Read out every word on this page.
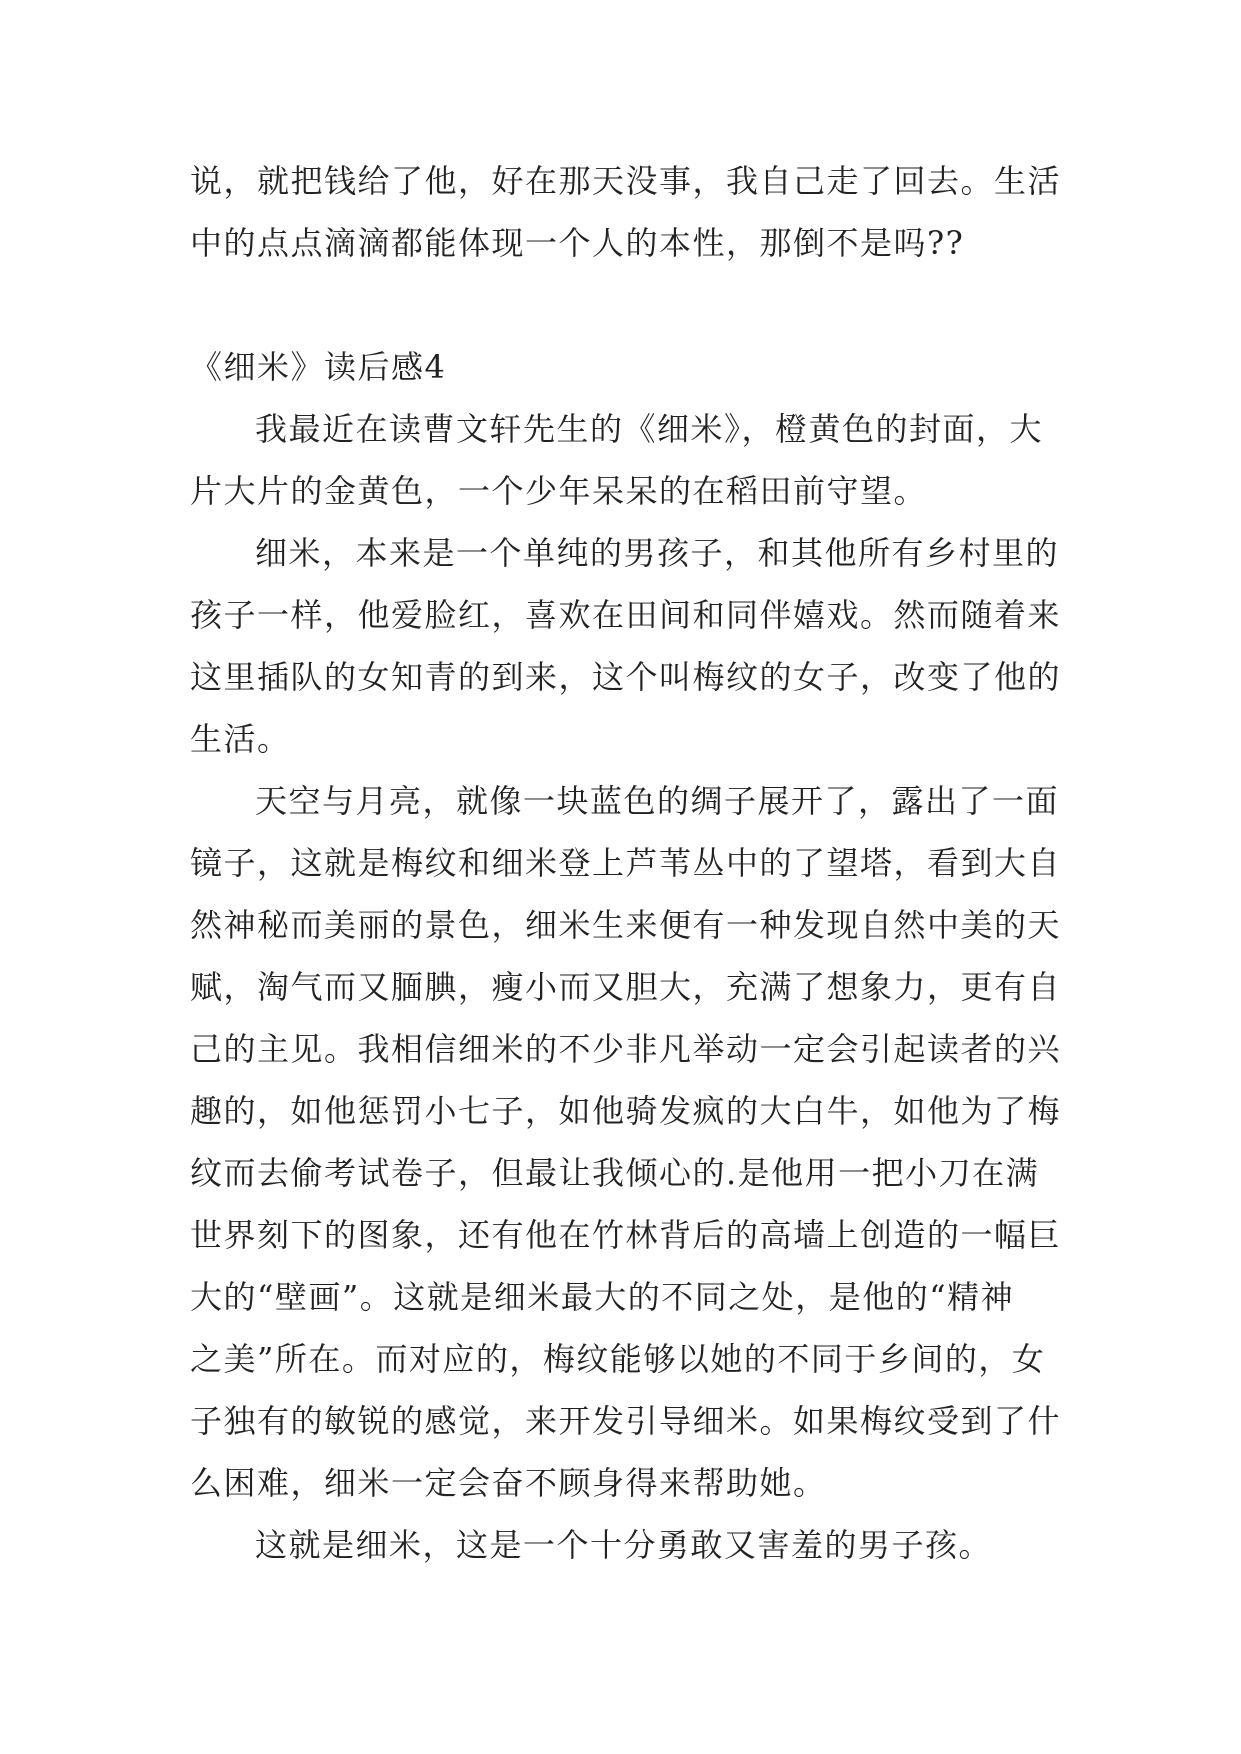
说，就把钱给了他，好在那天没事，我自己走了回去。生活
中的点点滴滴都能体现一个人的本性，那倒不是吗??
《细米》读后感4
我最近在读曹文轩先生的《细米》，橙黄色的封面，大
片大片的金黄色，一个少年呆呆的在稻田前守望。
细米，本来是一个单纯的男孩子，和其他所有乡村里的
孩子一样，他爱脸红，喜欢在田间和同伴嬉戏。然而随着来
这里插队的女知青的到来，这个叫梅纹的女子，改变了他的
生活。
天空与月亮，就像一块蓝色的绸子展开了，露出了一面
镜子，这就是梅纹和细米登上芦苇丛中的了望塔，看到大自
然神秘而美丽的景色，细米生来便有一种发现自然中美的天
赋，淘气而又腼腆，瘦小而又胆大，充满了想象力，更有自
己的主见。我相信细米的不少非凡举动一定会引起读者的兴
趣的，如他惩罚小七子，如他骑发疯的大白牛，如他为了梅
纹而去偷考试卷子，但最让我倾心的.是他用一把小刀在满
世界刻下的图象，还有他在竹林背后的高墙上创造的一幅巨
大的“壁画”。这就是细米最大的不同之处，是他的“精神
之美”所在。而对应的，梅纹能够以她的不同于乡间的，女
子独有的敏锐的感觉，来开发引导细米。如果梅纹受到了什
么困难，细米一定会奋不顾身得来帮助她。
这就是细米，这是一个十分勇敢又害羞的男子孩。
